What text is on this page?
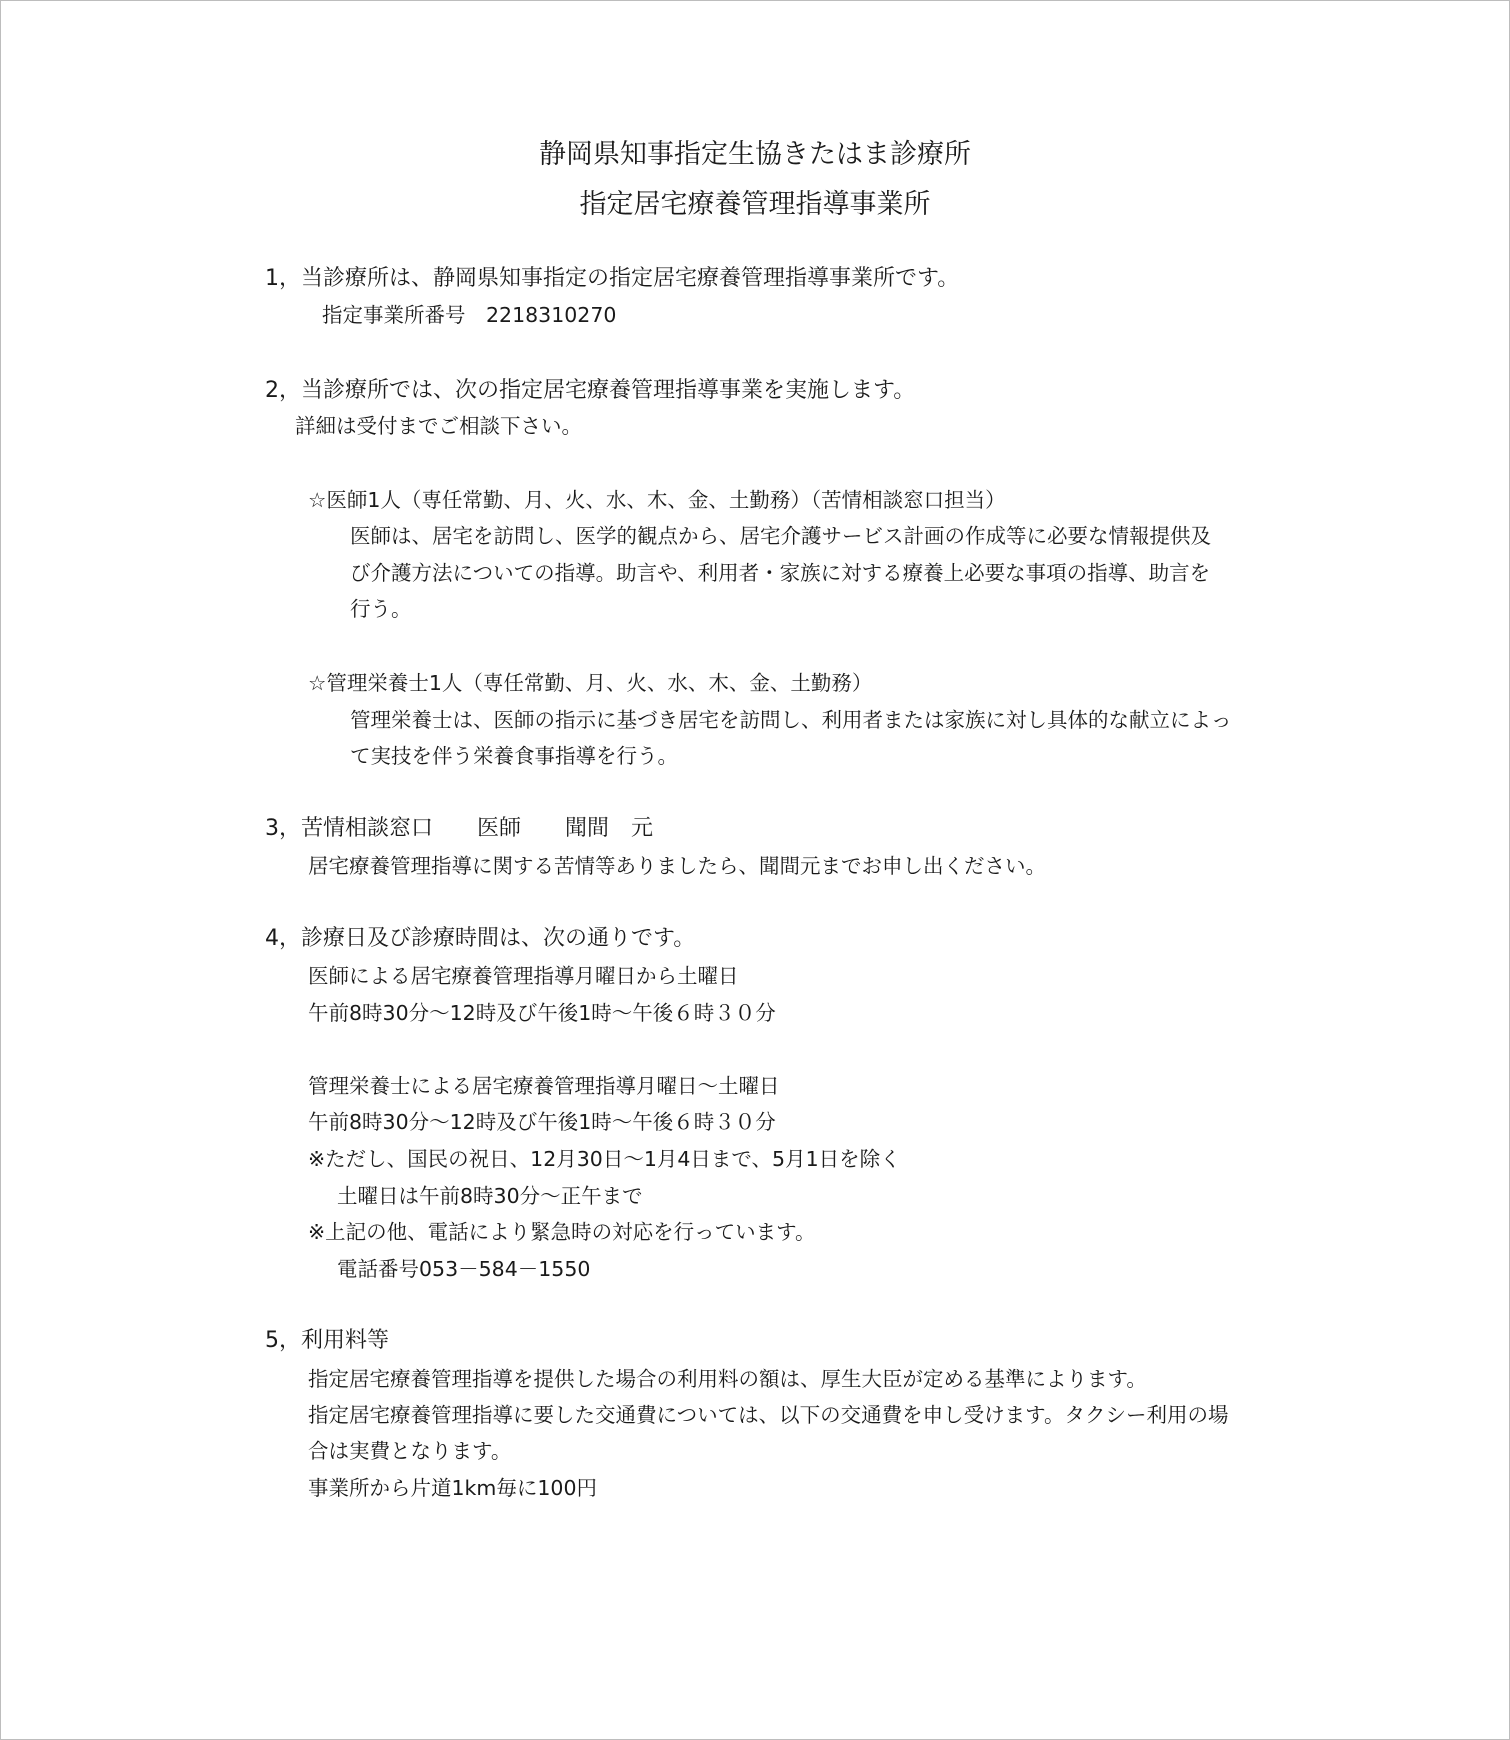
静岡県知事指定生協きたはま診療所
指定居宅療養管理指導事業所
1，当診療所は、静岡県知事指定の指定居宅療養管理指導事業所です。
指定事業所番号　2218310270
2，当診療所では、次の指定居宅療養管理指導事業を実施します。
詳細は受付までご相談下さい。
☆医師1人（専任常勤、月、火、水、木、金、土勤務）（苦情相談窓口担当）
医師は、居宅を訪問し、医学的観点から、居宅介護サービス計画の作成等に必要な情報提供及
び介護方法についての指導。助言や、利用者・家族に対する療養上必要な事項の指導、助言を
行う。
☆管理栄養士1人（専任常勤、月、火、水、木、金、土勤務）
管理栄養士は、医師の指示に基づき居宅を訪問し、利用者または家族に対し具体的な献立によっ
て実技を伴う栄養食事指導を行う。
3，苦情相談窓口　　医師　　聞間　元
居宅療養管理指導に関する苦情等ありましたら、聞間元までお申し出ください。
4，診療日及び診療時間は、次の通りです。
医師による居宅療養管理指導月曜日から土曜日
午前8時30分～12時及び午後1時～午後６時３０分
管理栄養士による居宅療養管理指導月曜日～土曜日
午前8時30分～12時及び午後1時～午後６時３０分
※ただし、国民の祝日、12月30日～1月4日まで、5月1日を除く
土曜日は午前8時30分～正午まで
※上記の他、電話により緊急時の対応を行っています。
電話番号053－584－1550
5，利用料等
指定居宅療養管理指導を提供した場合の利用料の額は、厚生大臣が定める基準によります。
指定居宅療養管理指導に要した交通費については、以下の交通費を申し受けます。タクシー利用の場
合は実費となります。
事業所から片道1km毎に100円
